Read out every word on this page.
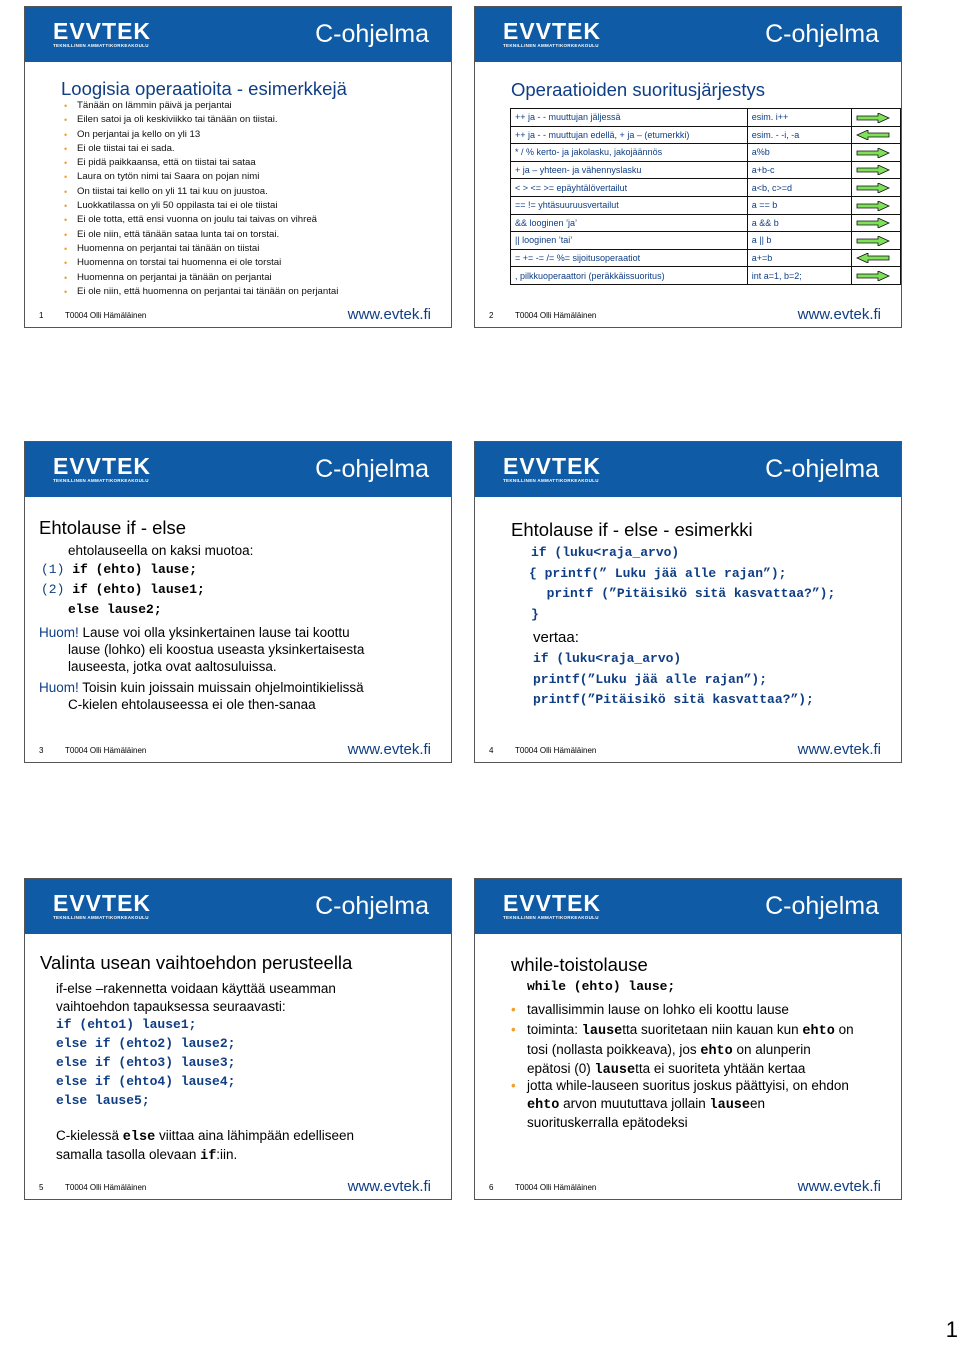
EVVTEK
TEKNILLINEN AMMATTIKORKEAKOULU	C-ohjelma
Loogisia operaatioita - esimerkkejä
• Tänään on lämmin päivä ja perjantai
• Eilen satoi ja oli keskiviikko tai tänään on tiistai.
• On perjantai ja kello on yli 13
• Ei ole tiistai tai ei sada.
• Ei pidä paikkaansa, että on tiistai tai sataa
• Laura on tytön nimi tai Saara on pojan nimi
• On tiistai tai kello on yli 11 tai kuu on juustoa.
• Luokkatilassa on yli 50 oppilasta tai ei ole tiistai
• Ei ole totta, että ensi vuonna on joulu tai taivas on vihreä
• Ei ole niin, että tänään sataa lunta tai on torstai.
• Huomenna on perjantai tai tänään on tiistai
• Huomenna on torstai tai huomenna ei ole torstai
• Huomenna on perjantai ja tänään on perjantai
• Ei ole niin, että huomenna on perjantai tai tänään on perjantai
1	T0004 Olli Hämäläinen	www.evtek.fi
EVVTEK
TEKNILLINEN AMMATTIKORKEAKOULU	C-ohjelma
Operaatioiden suoritusjärjestys
++ ja - - muuttujan jäljessä	esim. i++	
++ ja - - muuttujan edellä, + ja – (etumerkki)	esim. - -i, -a	
* / % kerto- ja jakolasku, jakojäännös	a%b	
+ ja – yhteen- ja vähennyslasku	a+b-c	
< > <= >= epäyhtälövertailut	a<b, c>=d	
== != yhtäsuuruusvertailut	a == b	
&& looginen ’ja’	a && b	
|| looginen ’tai’	a || b	
= += -= /= %= sijoitusoperaatiot	a+=b	
, pilkkuoperaattori (peräkkäissuoritus)	int a=1, b=2;	
2	T0004 Olli Hämäläinen	www.evtek.fi
EVVTEK
TEKNILLINEN AMMATTIKORKEAKOULU	C-ohjelma
Ehtolause if - else
ehtolauseella on kaksi muotoa:
(1) if (ehto) lause;
(2) if (ehto) lause1;
else lause2;
Huom! Lause voi olla yksinkertainen lause tai koottu
lause (lohko) eli koostua useasta yksinkertaisesta
lauseesta, jotka ovat aaltosuluissa.
Huom! Toisin kuin joissain muissain ohjelmointikielissä
C-kielen ehtolauseessa ei ole then-sanaa
3	T0004 Olli Hämäläinen	www.evtek.fi
EVVTEK
TEKNILLINEN AMMATTIKORKEAKOULU	C-ohjelma
Ehtolause if - else - esimerkki
if (luku<raja_arvo)
{ printf(” Luku jää alle rajan”);
printf (”Pitäisikö sitä kasvattaa?”);
}
vertaa:
if (luku<raja_arvo)
printf(”Luku jää alle rajan”);
printf(”Pitäisikö sitä kasvattaa?”);
4	T0004 Olli Hämäläinen	www.evtek.fi
EVVTEK
TEKNILLINEN AMMATTIKORKEAKOULU	C-ohjelma
Valinta usean vaihtoehdon perusteella
if-else –rakennetta voidaan käyttää useamman
vaihtoehdon tapauksessa seuraavasti:
if (ehto1) lause1;
else if (ehto2) lause2;
else if (ehto3) lause3;
else if (ehto4) lause4;
else lause5;
C-kielessä else viittaa aina lähimpään edelliseen
samalla tasolla olevaan if:iin.
5	T0004 Olli Hämäläinen	www.evtek.fi
EVVTEK
TEKNILLINEN AMMATTIKORKEAKOULU	C-ohjelma
while-toistolause
while (ehto) lause;
• tavallisimmin lause on lohko eli koottu lause
• toiminta: lausetta suoritetaan niin kauan kun ehto on
tosi (nollasta poikkeava), jos ehto on alunperin
epätosi (0) lausetta ei suoriteta yhtään kertaa
• jotta while-lauseen suoritus joskus päättyisi, on ehdon
ehto arvon muututtava jollain lauseen
suorituskerralla epätodeksi
6	T0004 Olli Hämäläinen	www.evtek.fi
1
